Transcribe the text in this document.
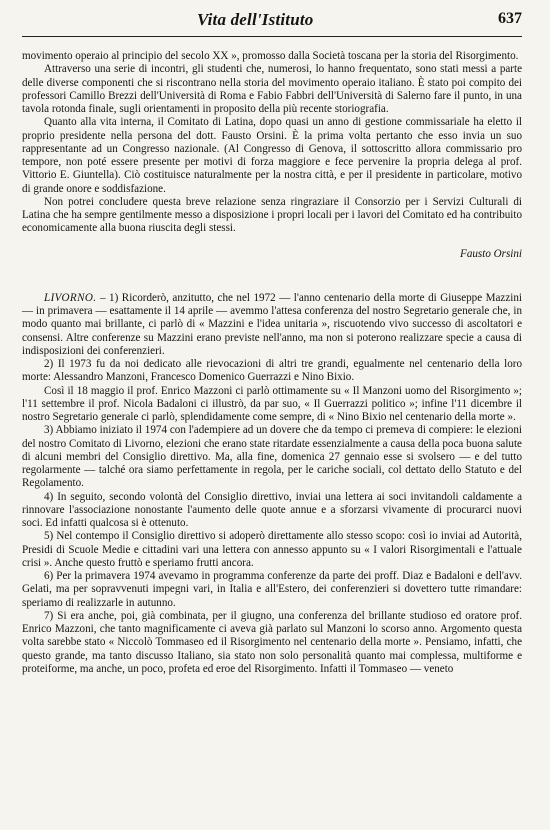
Vita dell'Istituto	637

movimento operaio al principio del secolo XX », promosso dalla Società toscana per la storia del Risorgimento.

Attraverso una serie di incontri, gli studenti che, numerosi, lo hanno frequentato, sono stati messi a parte delle diverse componenti che si riscontrano nella storia del movimento operaio italiano. È stato poi compito dei professori Camillo Brezzi dell'Università di Roma e Fabio Fabbri dell'Università di Salerno fare il punto, in una tavola rotonda finale, sugli orientamenti in proposito della più recente storiografia.

Quanto alla vita interna, il Comitato di Latina, dopo quasi un anno di gestione commissariale ha eletto il proprio presidente nella persona del dott. Fausto Orsini. È la prima volta pertanto che esso invia un suo rappresentante ad un Congresso nazionale. (Al Congresso di Genova, il sottoscritto allora commissario pro tempore, non poté essere presente per motivi di forza maggiore e fece pervenire la propria delega al prof. Vittorio E. Giuntella). Ciò costituisce naturalmente per la nostra città, e per il presidente in particolare, motivo di grande onore e soddisfazione.

Non potrei concludere questa breve relazione senza ringraziare il Consorzio per i Servizi Culturali di Latina che ha sempre gentilmente messo a disposizione i propri locali per i lavori del Comitato ed ha contribuito economicamente alla buona riuscita degli stessi.

Fausto Orsini

LIVORNO. – 1) Ricorderò, anzitutto, che nel 1972 — l'anno centenario della morte di Giuseppe Mazzini — in primavera — esattamente il 14 aprile — avemmo l'attesa conferenza del nostro Segretario generale che, in modo quanto mai brillante, ci parlò di « Mazzini e l'idea unitaria », riscuotendo vivo successo di ascoltatori e consensi. Altre conferenze su Mazzini erano previste nell'anno, ma non si poterono realizzare specie a causa di indisposizioni dei conferenzieri.

2) Il 1973 fu da noi dedicato alle rievocazioni di altri tre grandi, egualmente nel centenario della loro morte: Alessandro Manzoni, Francesco Domenico Guerrazzi e Nino Bixio.

Così il 18 maggio il prof. Enrico Mazzoni ci parlò ottimamente su « Il Manzoni uomo del Risorgimento »; l'11 settembre il prof. Nicola Badaloni ci illustrò, da par suo, « Il Guerrazzi politico »; infine l'11 dicembre il nostro Segretario generale ci parlò, splendidamente come sempre, di « Nino Bixio nel centenario della morte ».

3) Abbiamo iniziato il 1974 con l'adempiere ad un dovere che da tempo ci premeva di compiere: le elezioni del nostro Comitato di Livorno, elezioni che erano state ritardate essenzialmente a causa della poca buona salute di alcuni membri del Consiglio direttivo. Ma, alla fine, domenica 27 gennaio esse si svolsero — e del tutto regolarmente — talché ora siamo perfettamente in regola, per le cariche sociali, col dettato dello Statuto e del Regolamento.

4) In seguito, secondo volontà del Consiglio direttivo, inviai una lettera ai soci invitandoli caldamente a rinnovare l'associazione nonostante l'aumento delle quote annue e a sforzarsi vivamente di procurarci nuovi soci. Ed infatti qualcosa si è ottenuto.

5) Nel contempo il Consiglio direttivo si adoperò direttamente allo stesso scopo: così io inviai ad Autorità, Presidi di Scuole Medie e cittadini vari una lettera con annesso appunto su « I valori Risorgimentali e l'attuale crisi ». Anche questo fruttò e speriamo frutti ancora.

6) Per la primavera 1974 avevamo in programma conferenze da parte dei proff. Diaz e Badaloni e dell'avv. Gelati, ma per sopravvenuti impegni vari, in Italia e all'Estero, dei conferenzieri si dovettero tutte rimandare: speriamo di realizzarle in autunno.

7) Si era anche, poi, già combinata, per il giugno, una conferenza del brillante studioso ed oratore prof. Enrico Mazzoni, che tanto magnificamente ci aveva già parlato sul Manzoni lo scorso anno. Argomento questa volta sarebbe stato « Niccolò Tommaseo ed il Risorgimento nel centenario della morte ». Pensiamo, infatti, che questo grande, ma tanto discusso Italiano, sia stato non solo personalità quanto mai complessa, multiforme e proteiforme, ma anche, un poco, profeta ed eroe del Risorgimento. Infatti il Tommaseo — veneto
